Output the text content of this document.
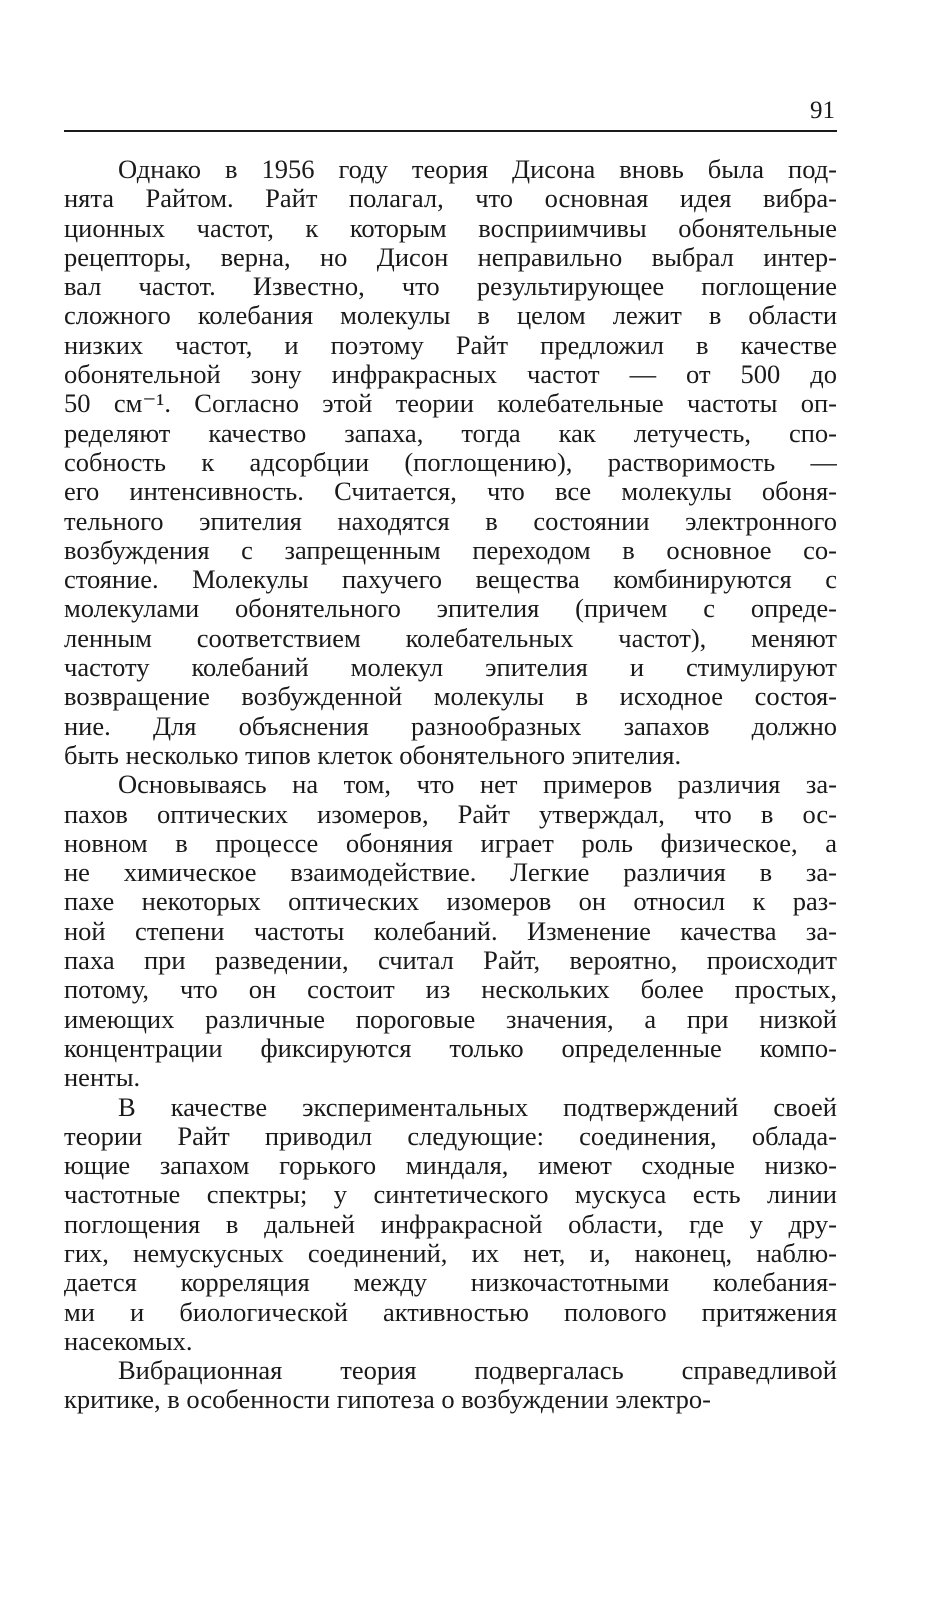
91
Однако в 1956 году теория Дисона вновь была под-
нята Райтом. Райт полагал, что основная идея вибра-
ционных частот, к которым восприимчивы обонятельные
рецепторы, верна, но Дисон неправильно выбрал интер-
вал частот. Известно, что результирующее поглощение
сложного колебания молекулы в целом лежит в области
низких частот, и поэтому Райт предложил в качестве
обонятельной зону инфракрасных частот — от 500 до
50 см⁻¹. Согласно этой теории колебательные частоты оп-
ределяют качество запаха, тогда как летучесть, спо-
собность к адсорбции (поглощению), растворимость —
его интенсивность. Считается, что все молекулы обоня-
тельного эпителия находятся в состоянии электронного
возбуждения с запрещенным переходом в основное со-
стояние. Молекулы пахучего вещества комбинируются с
молекулами обонятельного эпителия (причем с опреде-
ленным соответствием колебательных частот), меняют
частоту колебаний молекул эпителия и стимулируют
возвращение возбужденной молекулы в исходное состоя-
ние. Для объяснения разнообразных запахов должно
быть несколько типов клеток обонятельного эпителия.
Основываясь на том, что нет примеров различия за-
пахов оптических изомеров, Райт утверждал, что в ос-
новном в процессе обоняния играет роль физическое, а
не химическое взаимодействие. Легкие различия в за-
пахе некоторых оптических изомеров он относил к раз-
ной степени частоты колебаний. Изменение качества за-
паха при разведении, считал Райт, вероятно, происходит
потому, что он состоит из нескольких более простых,
имеющих различные пороговые значения, а при низкой
концентрации фиксируются только определенные компо-
ненты.
В качестве экспериментальных подтверждений своей
теории Райт приводил следующие: соединения, облада-
ющие запахом горького миндаля, имеют сходные низко-
частотные спектры; у синтетического мускуса есть линии
поглощения в дальней инфракрасной области, где у дру-
гих, немускусных соединений, их нет, и, наконец, наблю-
дается корреляция между низкочастотными колебания-
ми и биологической активностью полового притяжения
насекомых.
Вибрационная теория подвергалась справедливой
критике, в особенности гипотеза о возбуждении электро-
